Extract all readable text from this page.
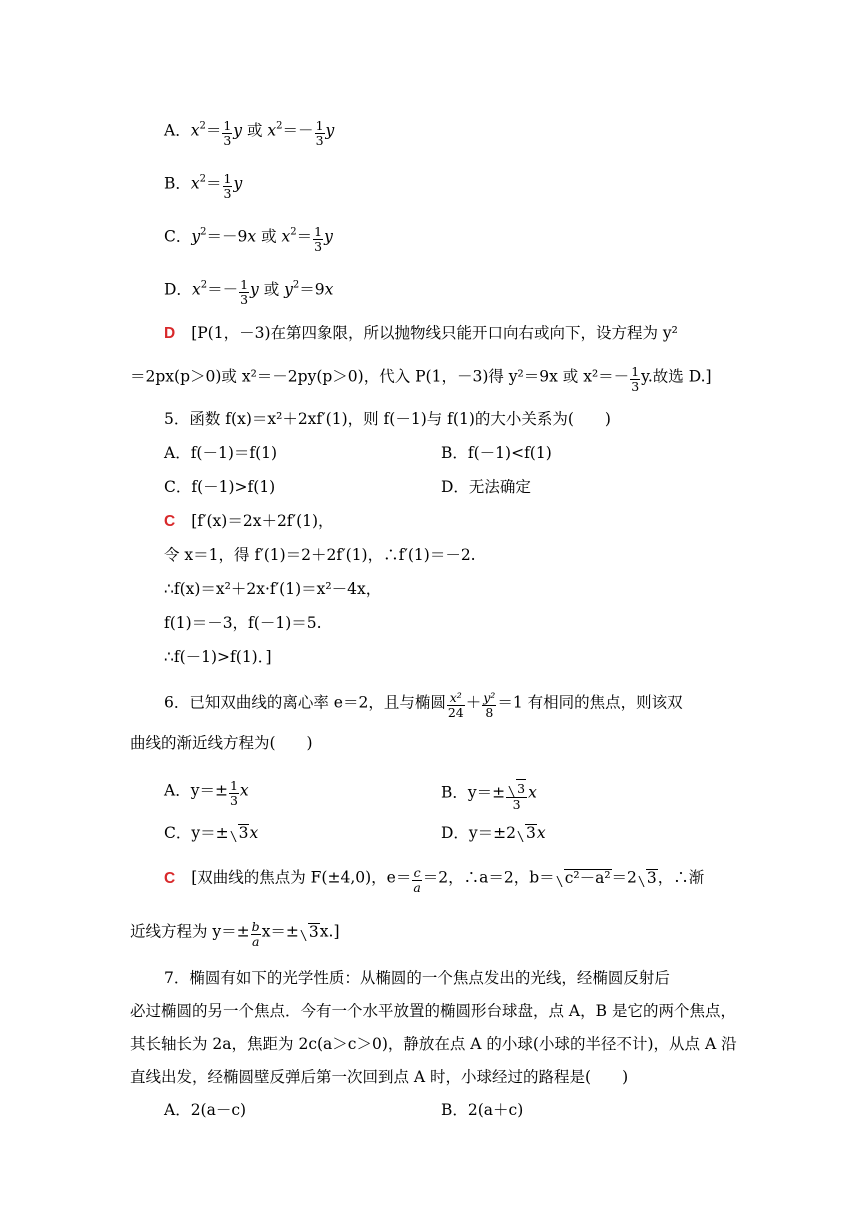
A．$x^2= \frac{1}{3}$ y 或 $x^2=- \frac{1}{3}$ y
B．$x^2= \frac{1}{3}$ y
C．$y^2=-9x$ 或 $x^2= \frac{1}{3}$ y
D．$x^2=- \frac{1}{3}$ y 或 $y^2=9x$
D [P(1，－3)在第四象限，所以抛物线只能开口向右或向下，设方程为 y²
＝2px(p＞0)或 x²＝－2py(p＞0)，代入 P(1，－3)得 y²＝9x 或 $x^2=- \frac{1}{3} y$.故选 D.]
5．函数 f(x)＝x²＋2xf′(1)，则 f(－1)与 f(1)的大小关系为(　　)
A．f(－1)＝f(1)	B．f(－1)<f(1)
C．f(－1)>f(1)	D．无法确定
C [f′(x)＝2x＋2f′(1)，
令 x＝1，得 f′(1)＝2＋2f′(1)，∴f′(1)＝－2.
∴f(x)＝x²＋2x·f′(1)＝x²－4x，
f(1)＝－3，f(－1)＝5.
∴f(－1)>f(1)．]
6．已知双曲线的离心率 e＝2，且与椭圆 $\frac{\text{x²}}{24} + \frac{\text{y²}}{8} =1$ 有相同的焦点，则该双
曲线的渐近线方程为(　　)
A．$y=\pm \frac{1}{3}$ x	B．$y=\pm \frac{3}{3}$ x
C．y＝± 3x	D．y＝±2 3x
C [双曲线的焦点为 F(±4,0)，$e= \frac{c}{a} =2$，∴a＝2，b＝ c²－a²＝2 3，∴渐
近线方程为 $y=\pm \frac{b}{a} x=\pm 3x$.]
7．椭圆有如下的光学性质：从椭圆的一个焦点发出的光线，经椭圆反射后
必过椭圆的另一个焦点．今有一个水平放置的椭圆形台球盘，点 A，B 是它的两个焦点，
其长轴长为 2a，焦距为 2c(a＞c＞0)，静放在点 A 的小球(小球的半径不计)，从点 A 沿
直线出发，经椭圆壁反弹后第一次回到点 A 时，小球经过的路程是(　　)
A．2(a－c)	B．2(a＋c)
